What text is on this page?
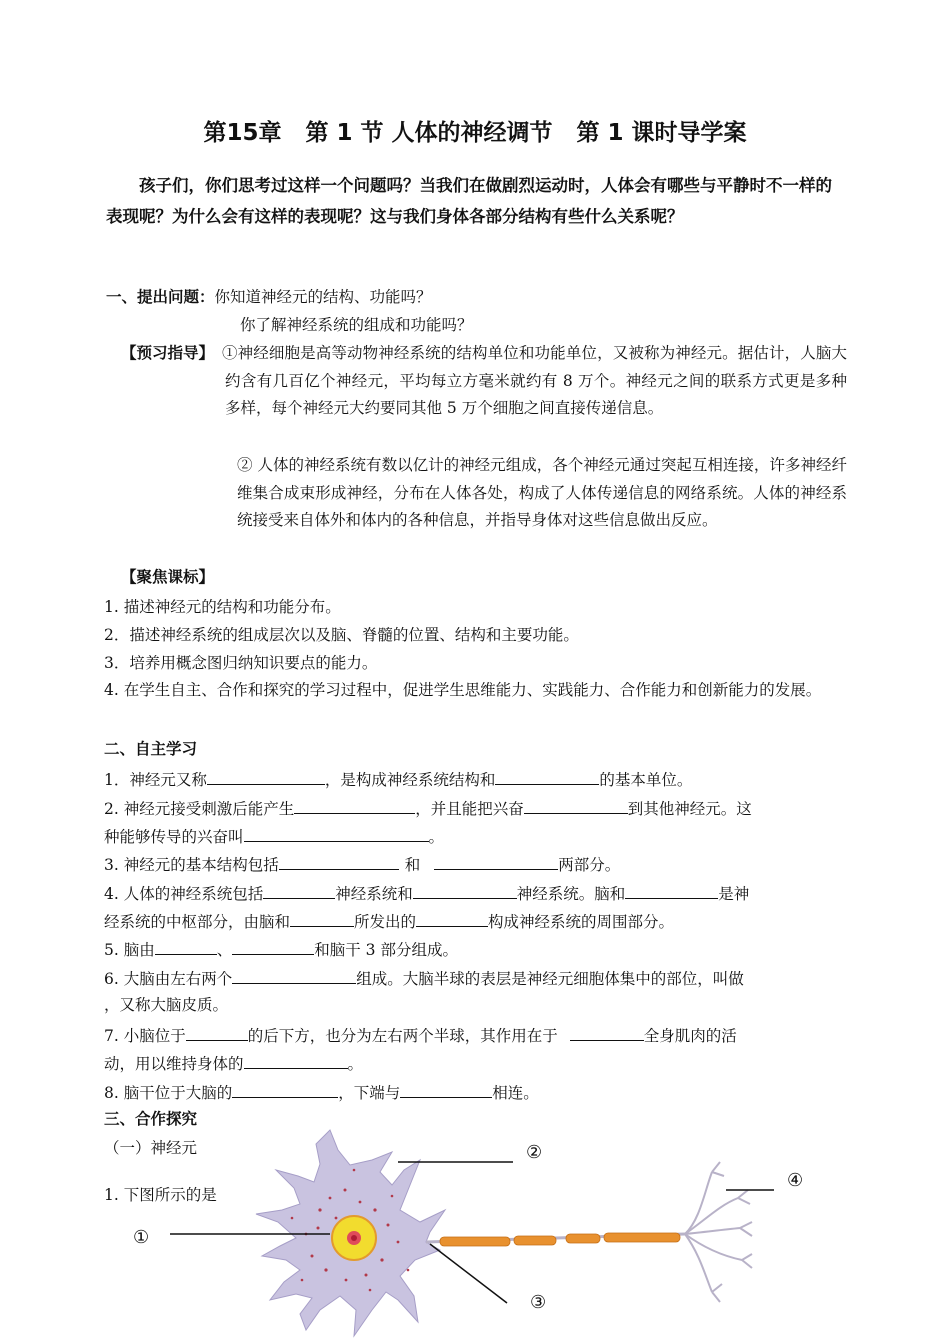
第15章 第 1 节 人体的神经调节 第 1 课时导学案
孩子们，你们思考过这样一个问题吗？当我们在做剧烈运动时，人体会有哪些与平静时不一样的表现呢？为什么会有这样的表现呢？这与我们身体各部分结构有些什么关系呢？
一、提出问题：你知道神经元的结构、功能吗？
你了解神经系统的组成和功能吗？
【预习指导】 ①神经细胞是高等动物神经系统的结构单位和功能单位，又被称为神经元。据估计，人脑大约含有几百亿个神经元，平均每立方毫米就约有 8 万个。神经元之间的联系方式更是多种多样，每个神经元大约要同其他 5 万个细胞之间直接传递信息。
② 人体的神经系统有数以亿计的神经元组成，各个神经元通过突起互相连接，许多神经纤维集合成束形成神经，分布在人体各处，构成了人体传递信息的网络系统。人体的神经系统接受来自体外和体内的各种信息，并指导身体对这些信息做出反应。
【聚焦课标】
1. 描述神经元的结构和功能分布。
2．描述神经系统的组成层次以及脑、脊髓的位置、结构和主要功能。
3．培养用概念图归纳知识要点的能力。
4. 在学生自主、合作和探究的学习过程中，促进学生思维能力、实践能力、合作能力和创新能力的发展。
二、自主学习
1．神经元又称	，是构成神经系统结构和	的基本单位。
2. 神经元接受刺激后能产生	，并且能把兴奋	到其他神经元。这
种能够传导的兴奋叫	。
3. 神经元的基本结构包括	和	两部分。
4. 人体的神经系统包括	神经系统和	神经系统。脑和	是神
经系统的中枢部分，由脑和	所发出的	构成神经系统的周围部分。
5. 脑由	、	和脑干 3 部分组成。
6. 大脑由左右两个	组成。大脑半球的表层是神经元细胞体集中的部位，叫做
，又称大脑皮质。
7. 小脑位于	的后下方，也分为左右两个半球，其作用在于	全身肌肉的活
动，用以维持身体的	。
8. 脑干位于大脑的	，下端与	相连。
三、合作探究
（一）神经元
1. 下图所示的是
①
②
③
④
